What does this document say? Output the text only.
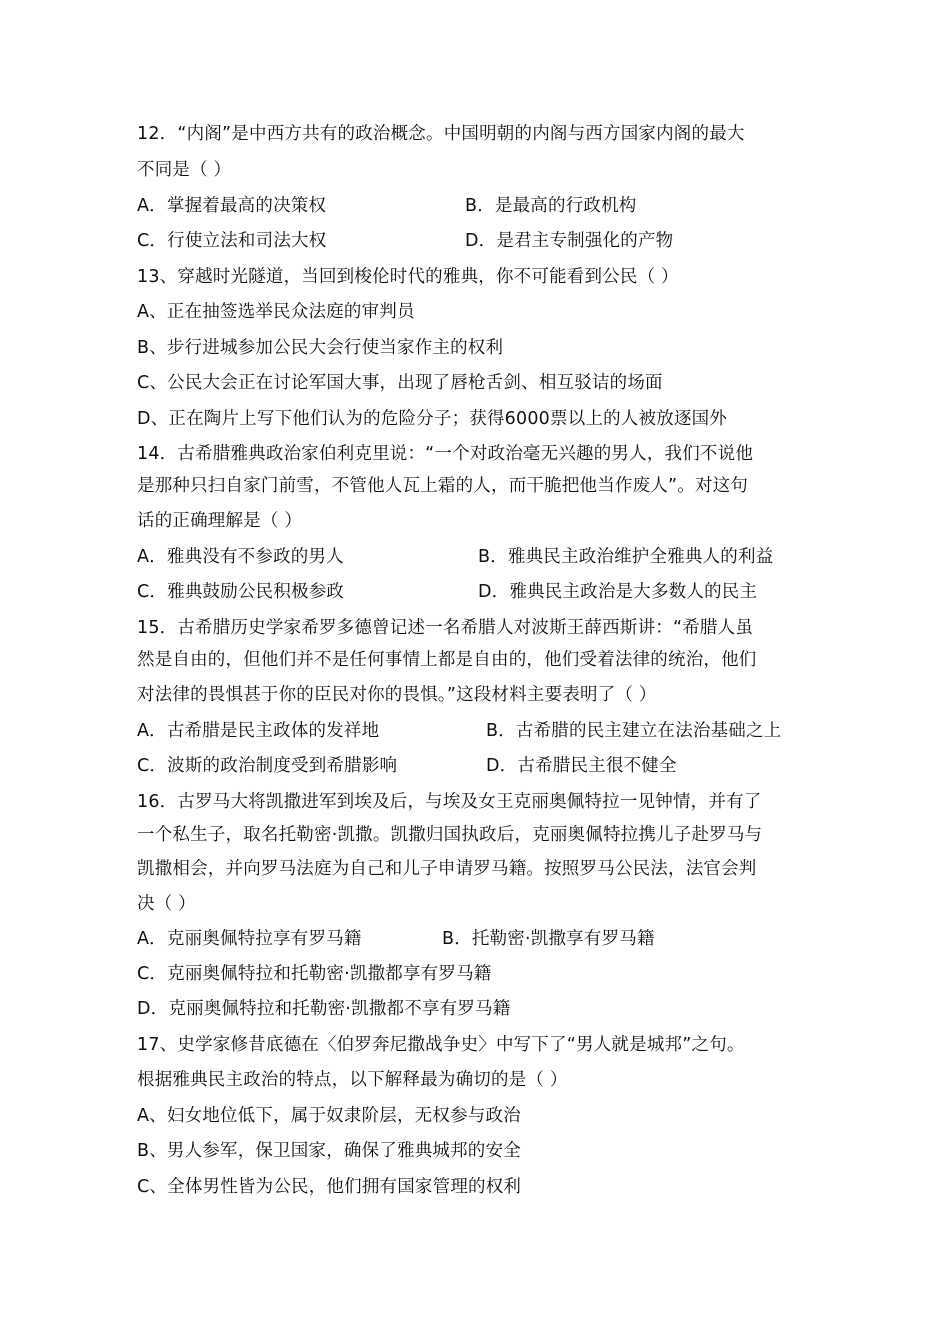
12．“内阁”是中西方共有的政治概念。中国明朝的内阁与西方国家内阁的最大
不同是（ ）
A．掌握着最高的决策权	B．是最高的行政机构
C．行使立法和司法大权	D．是君主专制强化的产物
13、穿越时光隧道，当回到梭伦时代的雅典，你不可能看到公民（ ）
A、正在抽签选举民众法庭的审判员
B、步行进城参加公民大会行使当家作主的权利
C、公民大会正在讨论军国大事，出现了唇枪舌剑、相互驳诘的场面
D、正在陶片上写下他们认为的危险分子；获得6000票以上的人被放逐国外
14．古希腊雅典政治家伯利克里说：“一个对政治毫无兴趣的男人，我们不说他
是那种只扫自家门前雪，不管他人瓦上霜的人，而干脆把他当作废人”。对这句
话的正确理解是（ ）
A．雅典没有不参政的男人	B．雅典民主政治维护全雅典人的利益
C．雅典鼓励公民积极参政	D．雅典民主政治是大多数人的民主
15．古希腊历史学家希罗多德曾记述一名希腊人对波斯王薛西斯讲：“希腊人虽
然是自由的，但他们并不是任何事情上都是自由的，他们受着法律的统治，他们
对法律的畏惧甚于你的臣民对你的畏惧。”这段材料主要表明了（ ）
A．古希腊是民主政体的发祥地	B．古希腊的民主建立在法治基础之上
C．波斯的政治制度受到希腊影响	D．古希腊民主很不健全
16．古罗马大将凯撒进军到埃及后，与埃及女王克丽奥佩特拉一见钟情，并有了
一个私生子，取名托勒密·凯撒。凯撒归国执政后，克丽奥佩特拉携儿子赴罗马与
凯撒相会，并向罗马法庭为自己和儿子申请罗马籍。按照罗马公民法，法官会判
决（ ）
A．克丽奥佩特拉享有罗马籍	B．托勒密·凯撒享有罗马籍
C．克丽奥佩特拉和托勒密·凯撒都享有罗马籍
D．克丽奥佩特拉和托勒密·凯撒都不享有罗马籍
17、史学家修昔底德在〈伯罗奔尼撒战争史〉中写下了“男人就是城邦”之句。
根据雅典民主政治的特点，以下解释最为确切的是（ ）
A、妇女地位低下，属于奴隶阶层，无权参与政治
B、男人参军，保卫国家，确保了雅典城邦的安全
C、全体男性皆为公民，他们拥有国家管理的权利
